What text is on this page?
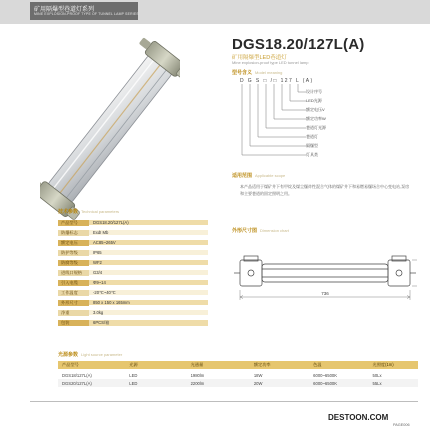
矿用隔爆型巷道灯系列
MINE EXPLOSION-PROOF TYPE OF TUNNEL LAMP SERIES
DGS18.20/127L(A)
矿用隔爆型LED巷道灯
Mine explosion-proof type LED tunnel lamp
型号含义 Model meaning
D G S □ /□ 127 L (A)
设计序号
LED光源
额定电压V
额定功率W
巷道灯光源
巷道灯
隔爆型
灯具类
适用范围 Applicable scope
本产品适用于煤矿井下有甲烷及煤尘爆炸性混合气体的煤矿井下和易燃易爆场合中心变电站,泵房和主要巷道的固定照明之用。
技术参数 Technical parameters
产品型号	DGS18.20/127L(A)
防爆标志	ExdI Mb
额定电压	AC85~265V
防护等级	IP65
防腐等级	WF2
进线口规格	G3/4
引入电缆	Φ9~14
工作温度	-20℃~40℃
外形尺寸	850 x 150 x 165mm
净重	3.0kg
包装	6PCS/箱
外形尺寸图 Dimension chart
736
光源参数 Light source parameter
产品型号	光源	光通量	额定功率	色温	光照度(1m)
DGS18/127L(A)	LED	1980lm	18W	6000~6500K	50Lx
DGS20/127L(A)	LED	2200lm	20W	6000~6500K	55Lx
DESTOON.COM
PAGE006
